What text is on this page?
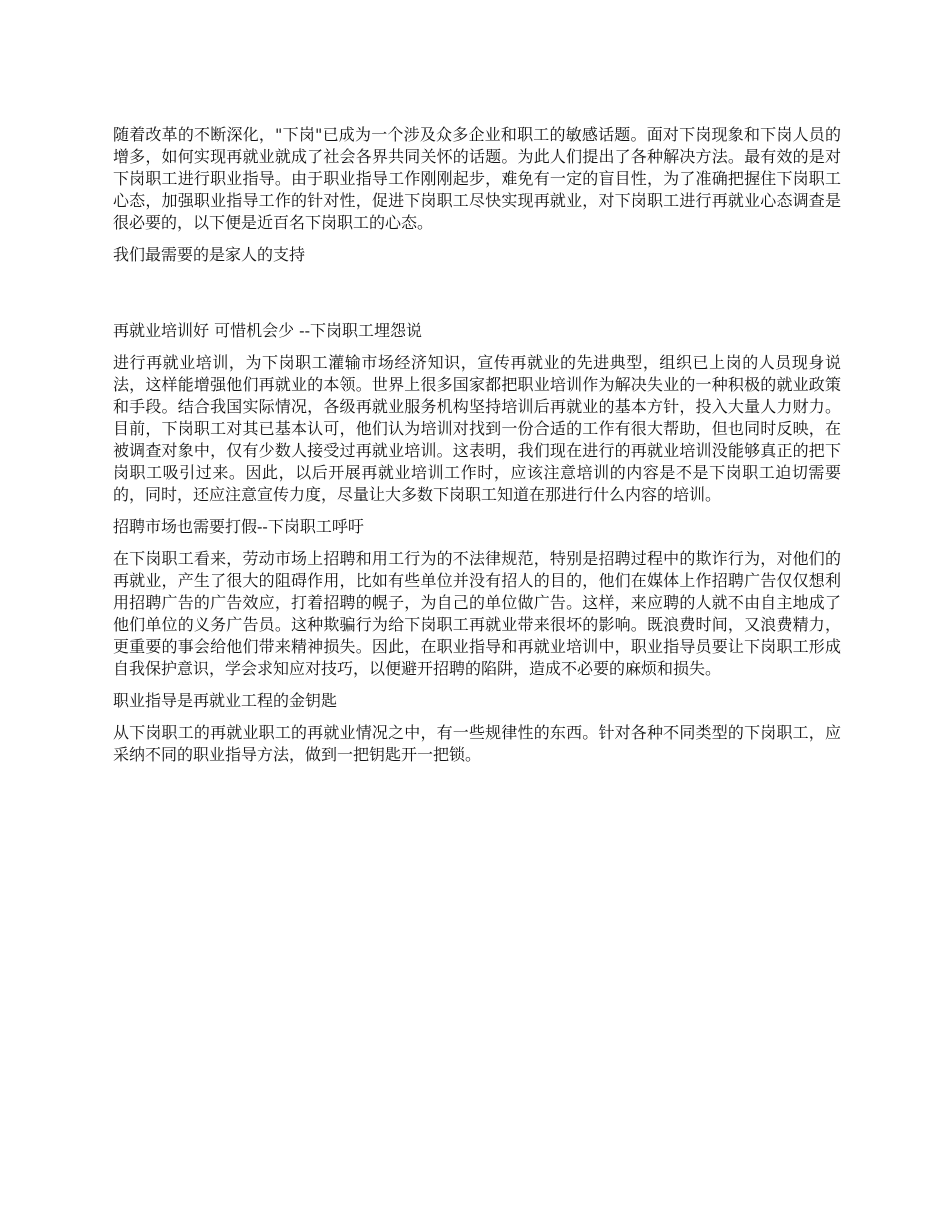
随着改革的不断深化，"下岗"已成为一个涉及众多企业和职工的敏感话题。面对下岗现象和下岗人员的增多，如何实现再就业就成了社会各界共同关怀的话题。为此人们提出了各种解决方法。最有效的是对下岗职工进行职业指导。由于职业指导工作刚刚起步，难免有一定的盲目性，为了准确把握住下岗职工心态，加强职业指导工作的针对性，促进下岗职工尽快实现再就业，对下岗职工进行再就业心态调查是很必要的，以下便是近百名下岗职工的心态。

我们最需要的是家人的支持

再就业培训好 可惜机会少 --下岗职工埋怨说

进行再就业培训，为下岗职工灌输市场经济知识，宣传再就业的先进典型，组织已上岗的人员现身说法，这样能增强他们再就业的本领。世界上很多国家都把职业培训作为解决失业的一种积极的就业政策和手段。结合我国实际情况，各级再就业服务机构坚持培训后再就业的基本方针，投入大量人力财力。目前，下岗职工对其已基本认可，他们认为培训对找到一份合适的工作有很大帮助，但也同时反映，在被调查对象中，仅有少数人接受过再就业培训。这表明，我们现在进行的再就业培训没能够真正的把下岗职工吸引过来。因此，以后开展再就业培训工作时，应该注意培训的内容是不是下岗职工迫切需要的，同时，还应注意宣传力度，尽量让大多数下岗职工知道在那进行什么内容的培训。

招聘市场也需要打假--下岗职工呼吁

在下岗职工看来，劳动市场上招聘和用工行为的不法律规范，特别是招聘过程中的欺诈行为，对他们的再就业，产生了很大的阻碍作用，比如有些单位并没有招人的目的，他们在媒体上作招聘广告仅仅想利用招聘广告的广告效应，打着招聘的幌子，为自己的单位做广告。这样，来应聘的人就不由自主地成了他们单位的义务广告员。这种欺骗行为给下岗职工再就业带来很坏的影响。既浪费时间，又浪费精力，更重要的事会给他们带来精神损失。因此，在职业指导和再就业培训中，职业指导员要让下岗职工形成自我保护意识，学会求知应对技巧，以便避开招聘的陷阱，造成不必要的麻烦和损失。

职业指导是再就业工程的金钥匙

从下岗职工的再就业职工的再就业情况之中，有一些规律性的东西。针对各种不同类型的下岗职工，应采纳不同的职业指导方法，做到一把钥匙开一把锁。
